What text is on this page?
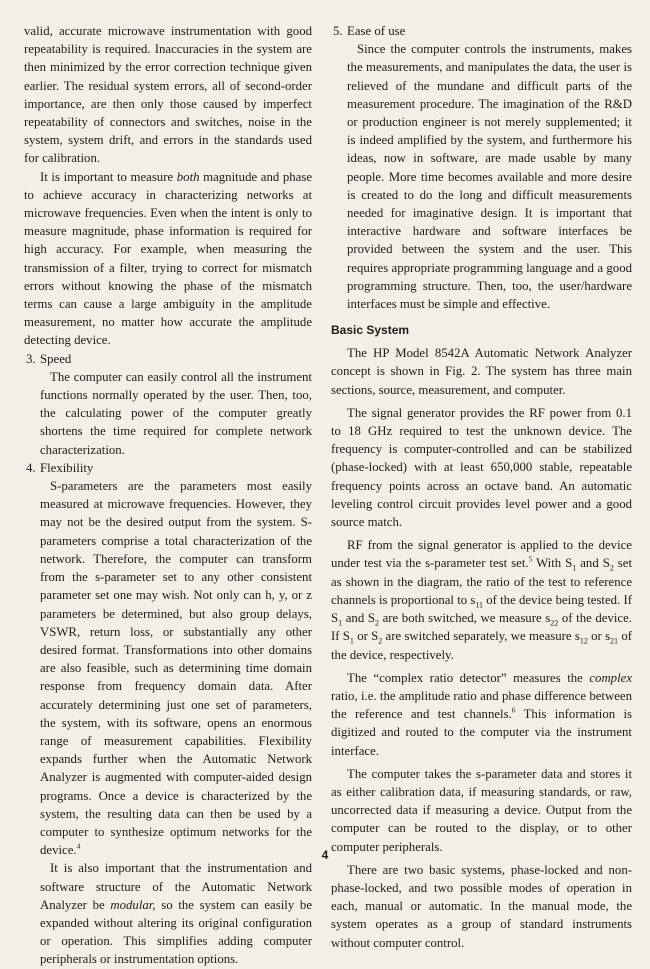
valid, accurate microwave instrumentation with good repeatability is required. Inaccuracies in the system are then minimized by the error correction technique given earlier. The residual system errors, all of second-order importance, are then only those caused by imperfect repeatability of connectors and switches, noise in the system, system drift, and errors in the standards used for calibration.

It is important to measure both magnitude and phase to achieve accuracy in characterizing networks at microwave frequencies. Even when the intent is only to measure magnitude, phase information is required for high accuracy. For example, when measuring the transmission of a filter, trying to correct for mismatch errors without knowing the phase of the mismatch terms can cause a large ambiguity in the amplitude measurement, no matter how accurate the amplitude detecting device.

3. Speed

The computer can easily control all the instrument functions normally operated by the user. Then, too, the calculating power of the computer greatly shortens the time required for complete network characterization.

4. Flexibility

S-parameters are the parameters most easily measured at microwave frequencies. However, they may not be the desired output from the system. S-parameters comprise a total characterization of the network. Therefore, the computer can transform from the s-parameter set to any other consistent parameter set one may wish. Not only can h, y, or z parameters be determined, but also group delays, VSWR, return loss, or substantially any other desired format. Transformations into other domains are also feasible, such as determining time domain response from frequency domain data. After accurately determining just one set of parameters, the system, with its software, opens an enormous range of measurement capabilities. Flexibility expands further when the Automatic Network Analyzer is augmented with computer-aided design programs. Once a device is characterized by the system, the resulting data can then be used by a computer to synthesize optimum networks for the device.$^4$

It is also important that the instrumentation and software structure of the Automatic Network Analyzer be modular, so the system can easily be expanded without altering its original configuration or operation. This simplifies adding computer peripherals or instrumentation options.

5. Ease of use

Since the computer controls the instruments, makes the measurements, and manipulates the data, the user is relieved of the mundane and difficult parts of the measurement procedure. The imagination of the R&D or production engineer is not merely supplemented; it is indeed amplified by the system, and furthermore his ideas, now in software, are made usable by many people. More time becomes available and more desire is created to do the long and difficult measurements needed for imaginative design. It is important that interactive hardware and software interfaces be provided between the system and the user. This requires appropriate programming language and a good programming structure. Then, too, the user/hardware interfaces must be simple and effective.

Basic System

The HP Model 8542A Automatic Network Analyzer concept is shown in Fig. 2. The system has three main sections, source, measurement, and computer.

The signal generator provides the RF power from 0.1 to 18 GHz required to test the unknown device. The frequency is computer-controlled and can be stabilized (phase-locked) with at least 650,000 stable, repeatable frequency points across an octave band. An automatic leveling control circuit provides level power and a good source match.

RF from the signal generator is applied to the device under test via the s-parameter test set.$^5$ With $S_1$ and $S_2$ set as shown in the diagram, the ratio of the test to reference channels is proportional to $s_{11}$ of the device being tested. If $S_1$ and $S_2$ are both switched, we measure $s_{22}$ of the device. If $S_1$ or $S_2$ are switched separately, we measure $s_{12}$ or $s_{21}$ of the device, respectively.

The “complex ratio detector” measures the complex ratio, i.e. the amplitude ratio and phase difference between the reference and test channels.$^6$ This information is digitized and routed to the computer via the instrument interface.

The computer takes the s-parameter data and stores it as either calibration data, if measuring standards, or raw, uncorrected data if measuring a device. Output from the computer can be routed to the display, or to other computer peripherals.

There are two basic systems, phase-locked and non-phase-locked, and two possible modes of operation in each, manual or automatic. In the manual mode, the system operates as a group of standard instruments without computer control.

4
